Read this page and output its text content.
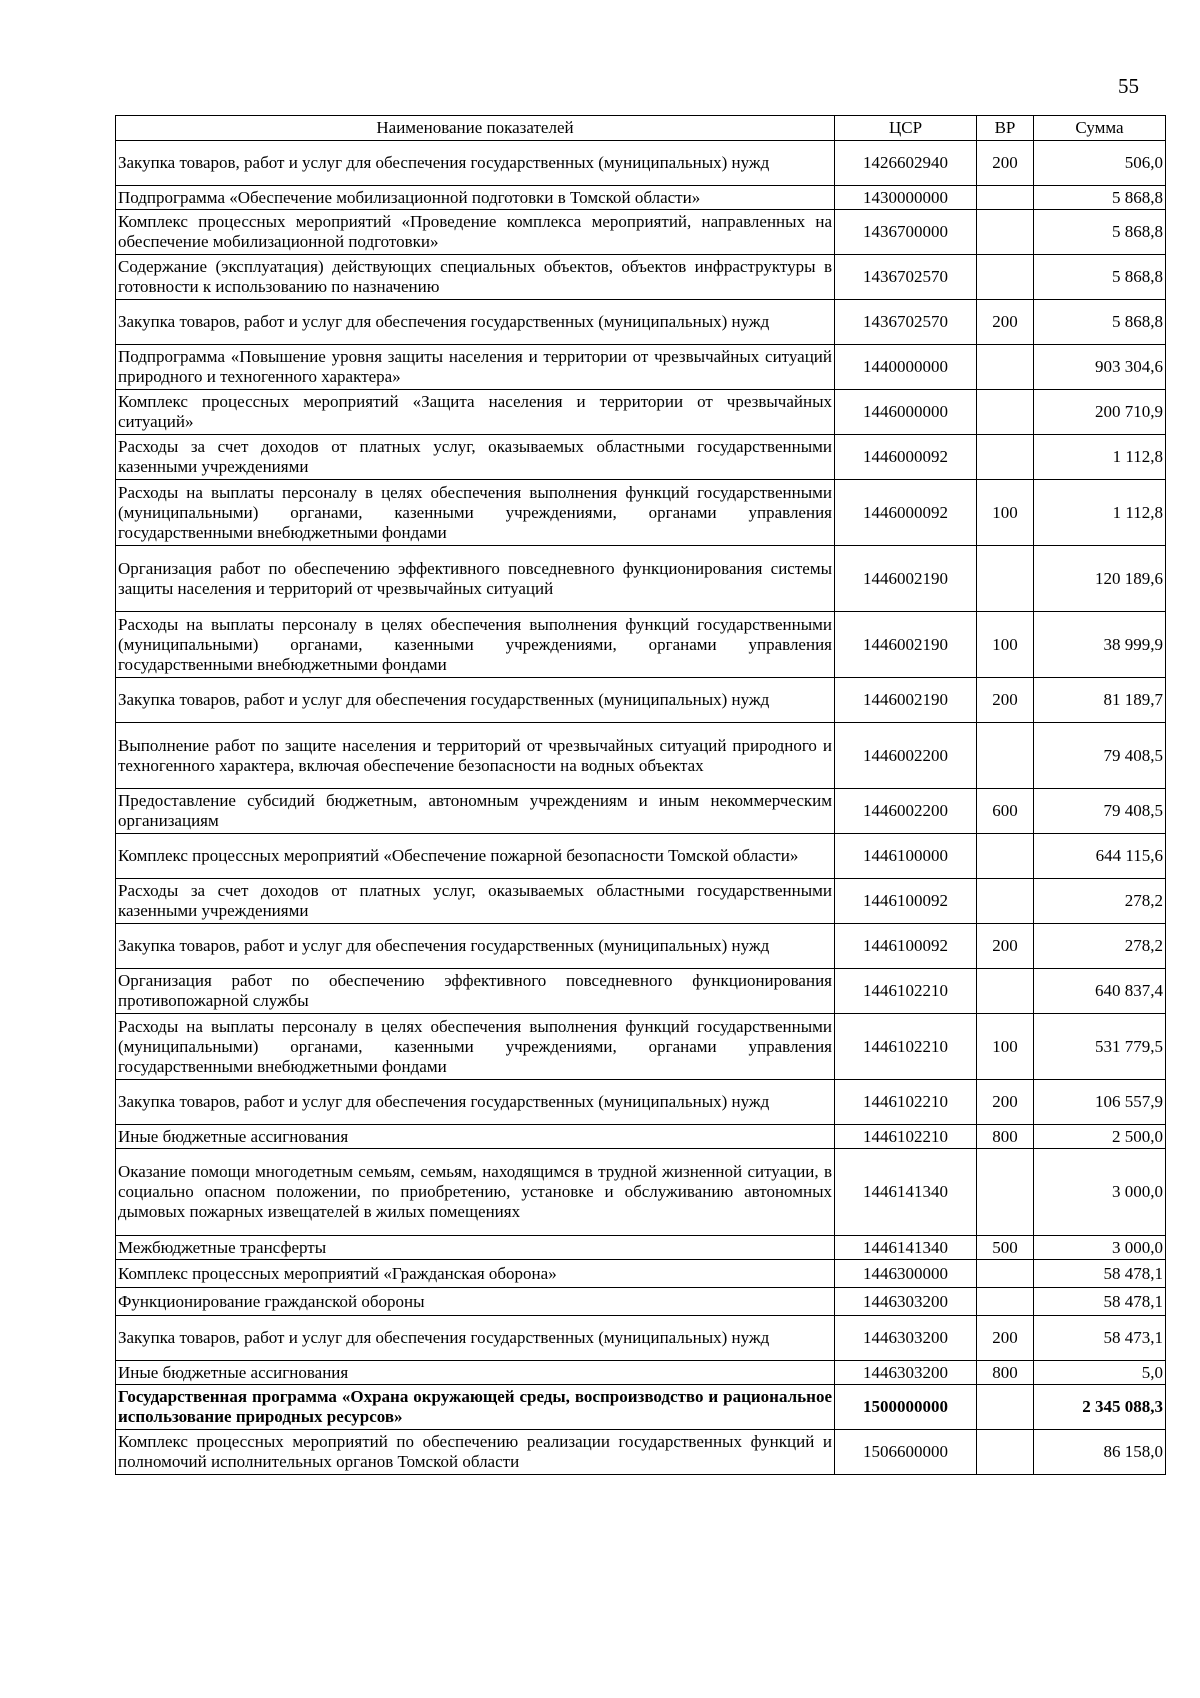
55
Наименование показателей	ЦСР	ВР	Сумма
Закупка товаров, работ и услуг для обеспечения государственных (муниципальных) нужд	1426602940	200	506,0
Подпрограмма «Обеспечение мобилизационной подготовки в Томской области»	1430000000		5 868,8
Комплекс процессных мероприятий «Проведение комплекса мероприятий, направленных на обеспечение мобилизационной подготовки»	1436700000		5 868,8
Содержание (эксплуатация) действующих специальных объектов, объектов инфраструктуры в готовности к использованию по назначению	1436702570		5 868,8
Закупка товаров, работ и услуг для обеспечения государственных (муниципальных) нужд	1436702570	200	5 868,8
Подпрограмма «Повышение уровня защиты населения и территории от чрезвычайных ситуаций природного и техногенного характера»	1440000000		903 304,6
Комплекс процессных мероприятий «Защита населения и территории от чрезвычайных ситуаций»	1446000000		200 710,9
Расходы за счет доходов от платных услуг, оказываемых областными государственными казенными учреждениями	1446000092		1 112,8
Расходы на выплаты персоналу в целях обеспечения выполнения функций государственными (муниципальными) органами, казенными учреждениями, органами управления государственными внебюджетными фондами	1446000092	100	1 112,8
Организация работ по обеспечению эффективного повседневного функционирования системы защиты населения и территорий от чрезвычайных ситуаций	1446002190		120 189,6
Расходы на выплаты персоналу в целях обеспечения выполнения функций государственными (муниципальными) органами, казенными учреждениями, органами управления государственными внебюджетными фондами	1446002190	100	38 999,9
Закупка товаров, работ и услуг для обеспечения государственных (муниципальных) нужд	1446002190	200	81 189,7
Выполнение работ по защите населения и территорий от чрезвычайных ситуаций природного и техногенного характера, включая обеспечение безопасности на водных объектах	1446002200		79 408,5
Предоставление субсидий бюджетным, автономным учреждениям и иным некоммерческим организациям	1446002200	600	79 408,5
Комплекс процессных мероприятий «Обеспечение пожарной безопасности Томской области»	1446100000		644 115,6
Расходы за счет доходов от платных услуг, оказываемых областными государственными казенными учреждениями	1446100092		278,2
Закупка товаров, работ и услуг для обеспечения государственных (муниципальных) нужд	1446100092	200	278,2
Организация работ по обеспечению эффективного повседневного функционирования противопожарной службы	1446102210		640 837,4
Расходы на выплаты персоналу в целях обеспечения выполнения функций государственными (муниципальными) органами, казенными учреждениями, органами управления государственными внебюджетными фондами	1446102210	100	531 779,5
Закупка товаров, работ и услуг для обеспечения государственных (муниципальных) нужд	1446102210	200	106 557,9
Иные бюджетные ассигнования	1446102210	800	2 500,0
Оказание помощи многодетным семьям, семьям, находящимся в трудной жизненной ситуации, в социально опасном положении, по приобретению, установке и обслуживанию автономных дымовых пожарных извещателей в жилых помещениях	1446141340		3 000,0
Межбюджетные трансферты	1446141340	500	3 000,0
Комплекс процессных мероприятий «Гражданская оборона»	1446300000		58 478,1
Функционирование гражданской обороны	1446303200		58 478,1
Закупка товаров, работ и услуг для обеспечения государственных (муниципальных) нужд	1446303200	200	58 473,1
Иные бюджетные ассигнования	1446303200	800	5,0
Государственная программа «Охрана окружающей среды, воспроизводство и рациональное использование природных ресурсов»	1500000000		2 345 088,3
Комплекс процессных мероприятий по обеспечению реализации государственных функций и полномочий исполнительных органов Томской области	1506600000		86 158,0
